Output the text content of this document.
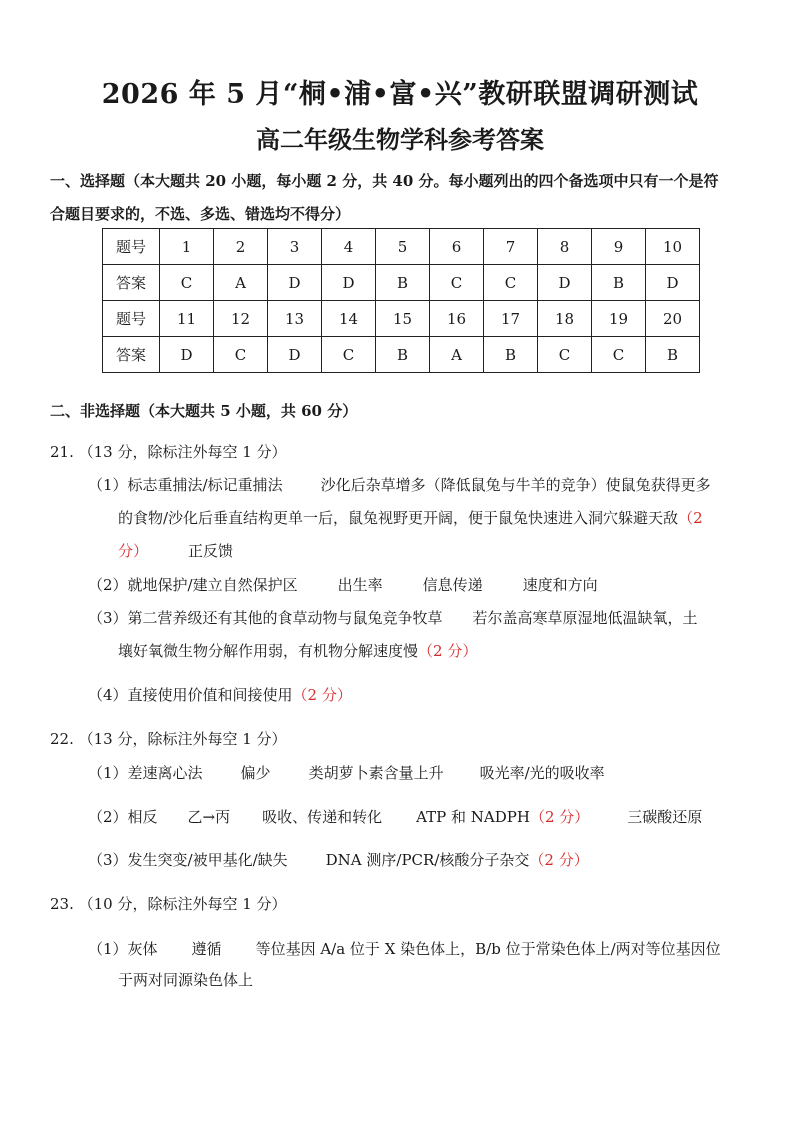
2026 年 5 月“桐•浦•富•兴”教研联盟调研测试
高二年级生物学科参考答案
一、选择题（本大题共 20 小题，每小题 2 分，共 40 分。每小题列出的四个备选项中只有一个是符
合题目要求的，不选、多选、错选均不得分）
题号	1	2	3	4	5	6	7	8	9	10
答案	C	A	D	D	B	C	C	D	B	D
题号	11	12	13	14	15	16	17	18	19	20
答案	D	C	D	C	B	A	B	C	C	B
二、非选择题（本大题共 5 小题，共 60 分）
21. （13 分，除标注外每空 1 分）
（1）标志重捕法/标记重捕法	沙化后杂草增多（降低鼠兔与牛羊的竞争）使鼠兔获得更多
的食物/沙化后垂直结构更单一后，鼠兔视野更开阔，便于鼠兔快速进入洞穴躲避天敌（2
分）	正反馈
（2）就地保护/建立自然保护区	出生率	信息传递	速度和方向
（3）第二营养级还有其他的食草动物与鼠兔竞争牧草 若尔盖高寒草原湿地低温缺氧，土
壤好氧微生物分解作用弱，有机物分解速度慢（2 分）
（4）直接使用价值和间接使用（2 分）
22. （13 分，除标注外每空 1 分）
（1）差速离心法	偏少	类胡萝卜素含量上升 吸光率/光的吸收率
（2）相反 乙→丙 吸收、传递和转化 ATP 和 NADPH（2 分）	三碳酸还原
（3）发生突变/被甲基化/缺失	DNA 测序/PCR/核酸分子杂交（2 分）
23. （10 分，除标注外每空 1 分）
（1）灰体 遵循 等位基因 A/a 位于 X 染色体上，B/b 位于常染色体上/两对等位基因位
于两对同源染色体上
